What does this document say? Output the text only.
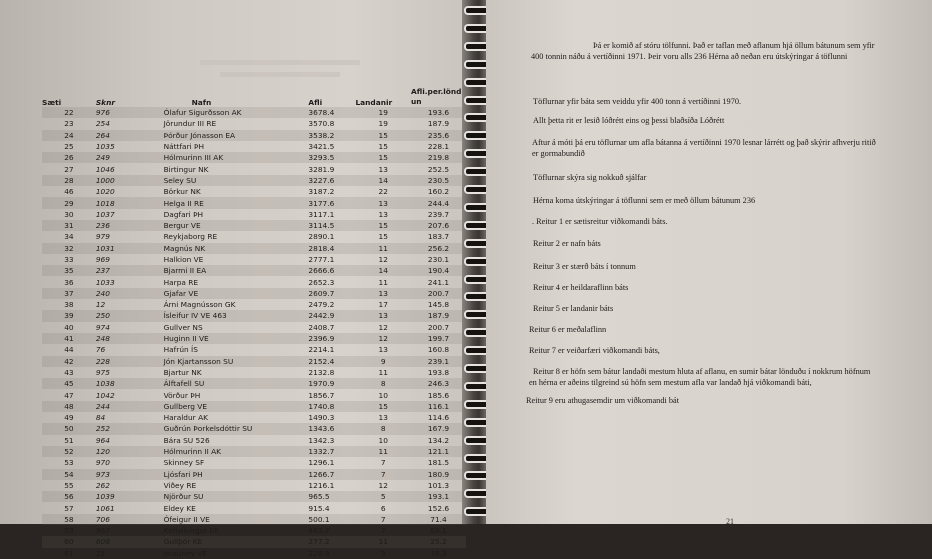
Sæti	Sknr	Nafn	Afli	Landanir	Afli.per.lönd un
22	976	Ólafur Sigurðsson AK	3678.4	19	193.6
23	254	Jörundur III RE	3570.8	19	187.9
24	264	Þórður Jónasson EA	3538.2	15	235.6
25	1035	Náttfari ÞH	3421.5	15	228.1
26	249	Hólmurinn III AK	3293.5	15	219.8
27	1046	Birtingur NK	3281.9	13	252.5
28	1000	Seley SU	3227.6	14	230.5
46	1020	Börkur NK	3187.2	22	160.2
29	1018	Helga II RE	3177.6	13	244.4
30	1037	Dagfari ÞH	3117.1	13	239.7
31	236	Bergur VE	3114.5	15	207.6
34	979	Reykjaborg RE	2890.1	15	183.7
32	1031	Magnús NK	2818.4	11	256.2
33	969	Halkion VE	2777.1	12	230.1
35	237	Bjarmi II EA	2666.6	14	190.4
36	1033	Harpa RE	2652.3	11	241.1
37	240	Gjafar VE	2609.7	13	200.7
38	12	Árni Magnússon GK	2479.2	17	145.8
39	250	Ísleifur IV VE 463	2442.9	13	187.9
40	974	Gullver NS	2408.7	12	200.7
41	248	Huginn II VE	2396.9	12	199.7
44	76	Hafrún ÍS	2214.1	13	160.8
42	228	Jón Kjartansson SU	2152.4	9	239.1
43	975	Bjartur NK	2132.8	11	193.8
45	1038	Álftafell SU	1970.9	8	246.3
47	1042	Vörður ÞH	1856.7	10	185.6
48	244	Gullberg VE	1740.8	15	116.1
49	84	Haraldur AK	1490.3	13	114.6
50	252	Guðrún Þorkelsdóttir SU	1343.6	8	167.9
51	964	Bára SU 526	1342.3	10	134.2
52	120	Hólmurinn II AK	1332.7	11	121.1
53	970	Skinney SF	1296.1	7	181.5
54	973	Ljósfari ÞH	1266.7	7	180.9
55	262	Viðey RE	1216.1	12	101.3
56	1039	Njörður SU	965.5	5	193.1
57	1061	Eldey KE	915.4	6	152.6
58	706	Ófeigur II VE	500.1	7	71.4
59	967	Keflvíkingur KE	483.7	7	69.1
60	608	Gullþór KE	277.2	11	25.2
61	15	Hrauney VE	228.9	3	76.3
Þá er komið af stóru tölfunni. Það er taflan með aflanum hjá öllum bátunum sem yfir
400 tonnin náðu á vertíðinni 1971. Þeir voru alls 236 Hérna að neðan eru útskýringar á töflunni
Töflurnar yfir báta sem veiddu yfir 400 tonn á vertíðinni 1970.
Allt þetta rit er lesið lóðrétt eins og þessi blaðsíða Lóðrétt
Aftur á móti þá eru töflurnar um afla bátanna á vertíðinni 1970 lesnar lárrétt og það skýrir afhverju ritið
er gormabundið
Töflurnar skýra sig nokkuð sjálfar
Hérna koma útskýringar á töflunni sem er með öllum bátunum 236
. Reitur 1 er sætisreitur viðkomandi báts.
Reitur 2 er nafn báts
Reitur 3 er stærð báts í tonnum
Reitur 4 er heildaraflinn báts
Reitur 5 er landanir báts
Reitur 6 er meðalaflinn
Reitur 7 er veiðarfæri viðkomandi báts,
Reitur 8 er höfn sem bátur landaði mestum hluta af aflanu, en sumir bátar lönduðu í nokkrum höfnum
en hérna er aðeins tilgreind sú höfn sem mestum afla var landað hjá viðkomandi báti,
Reitur 9 eru athugasemdir um viðkomandi bát
21
